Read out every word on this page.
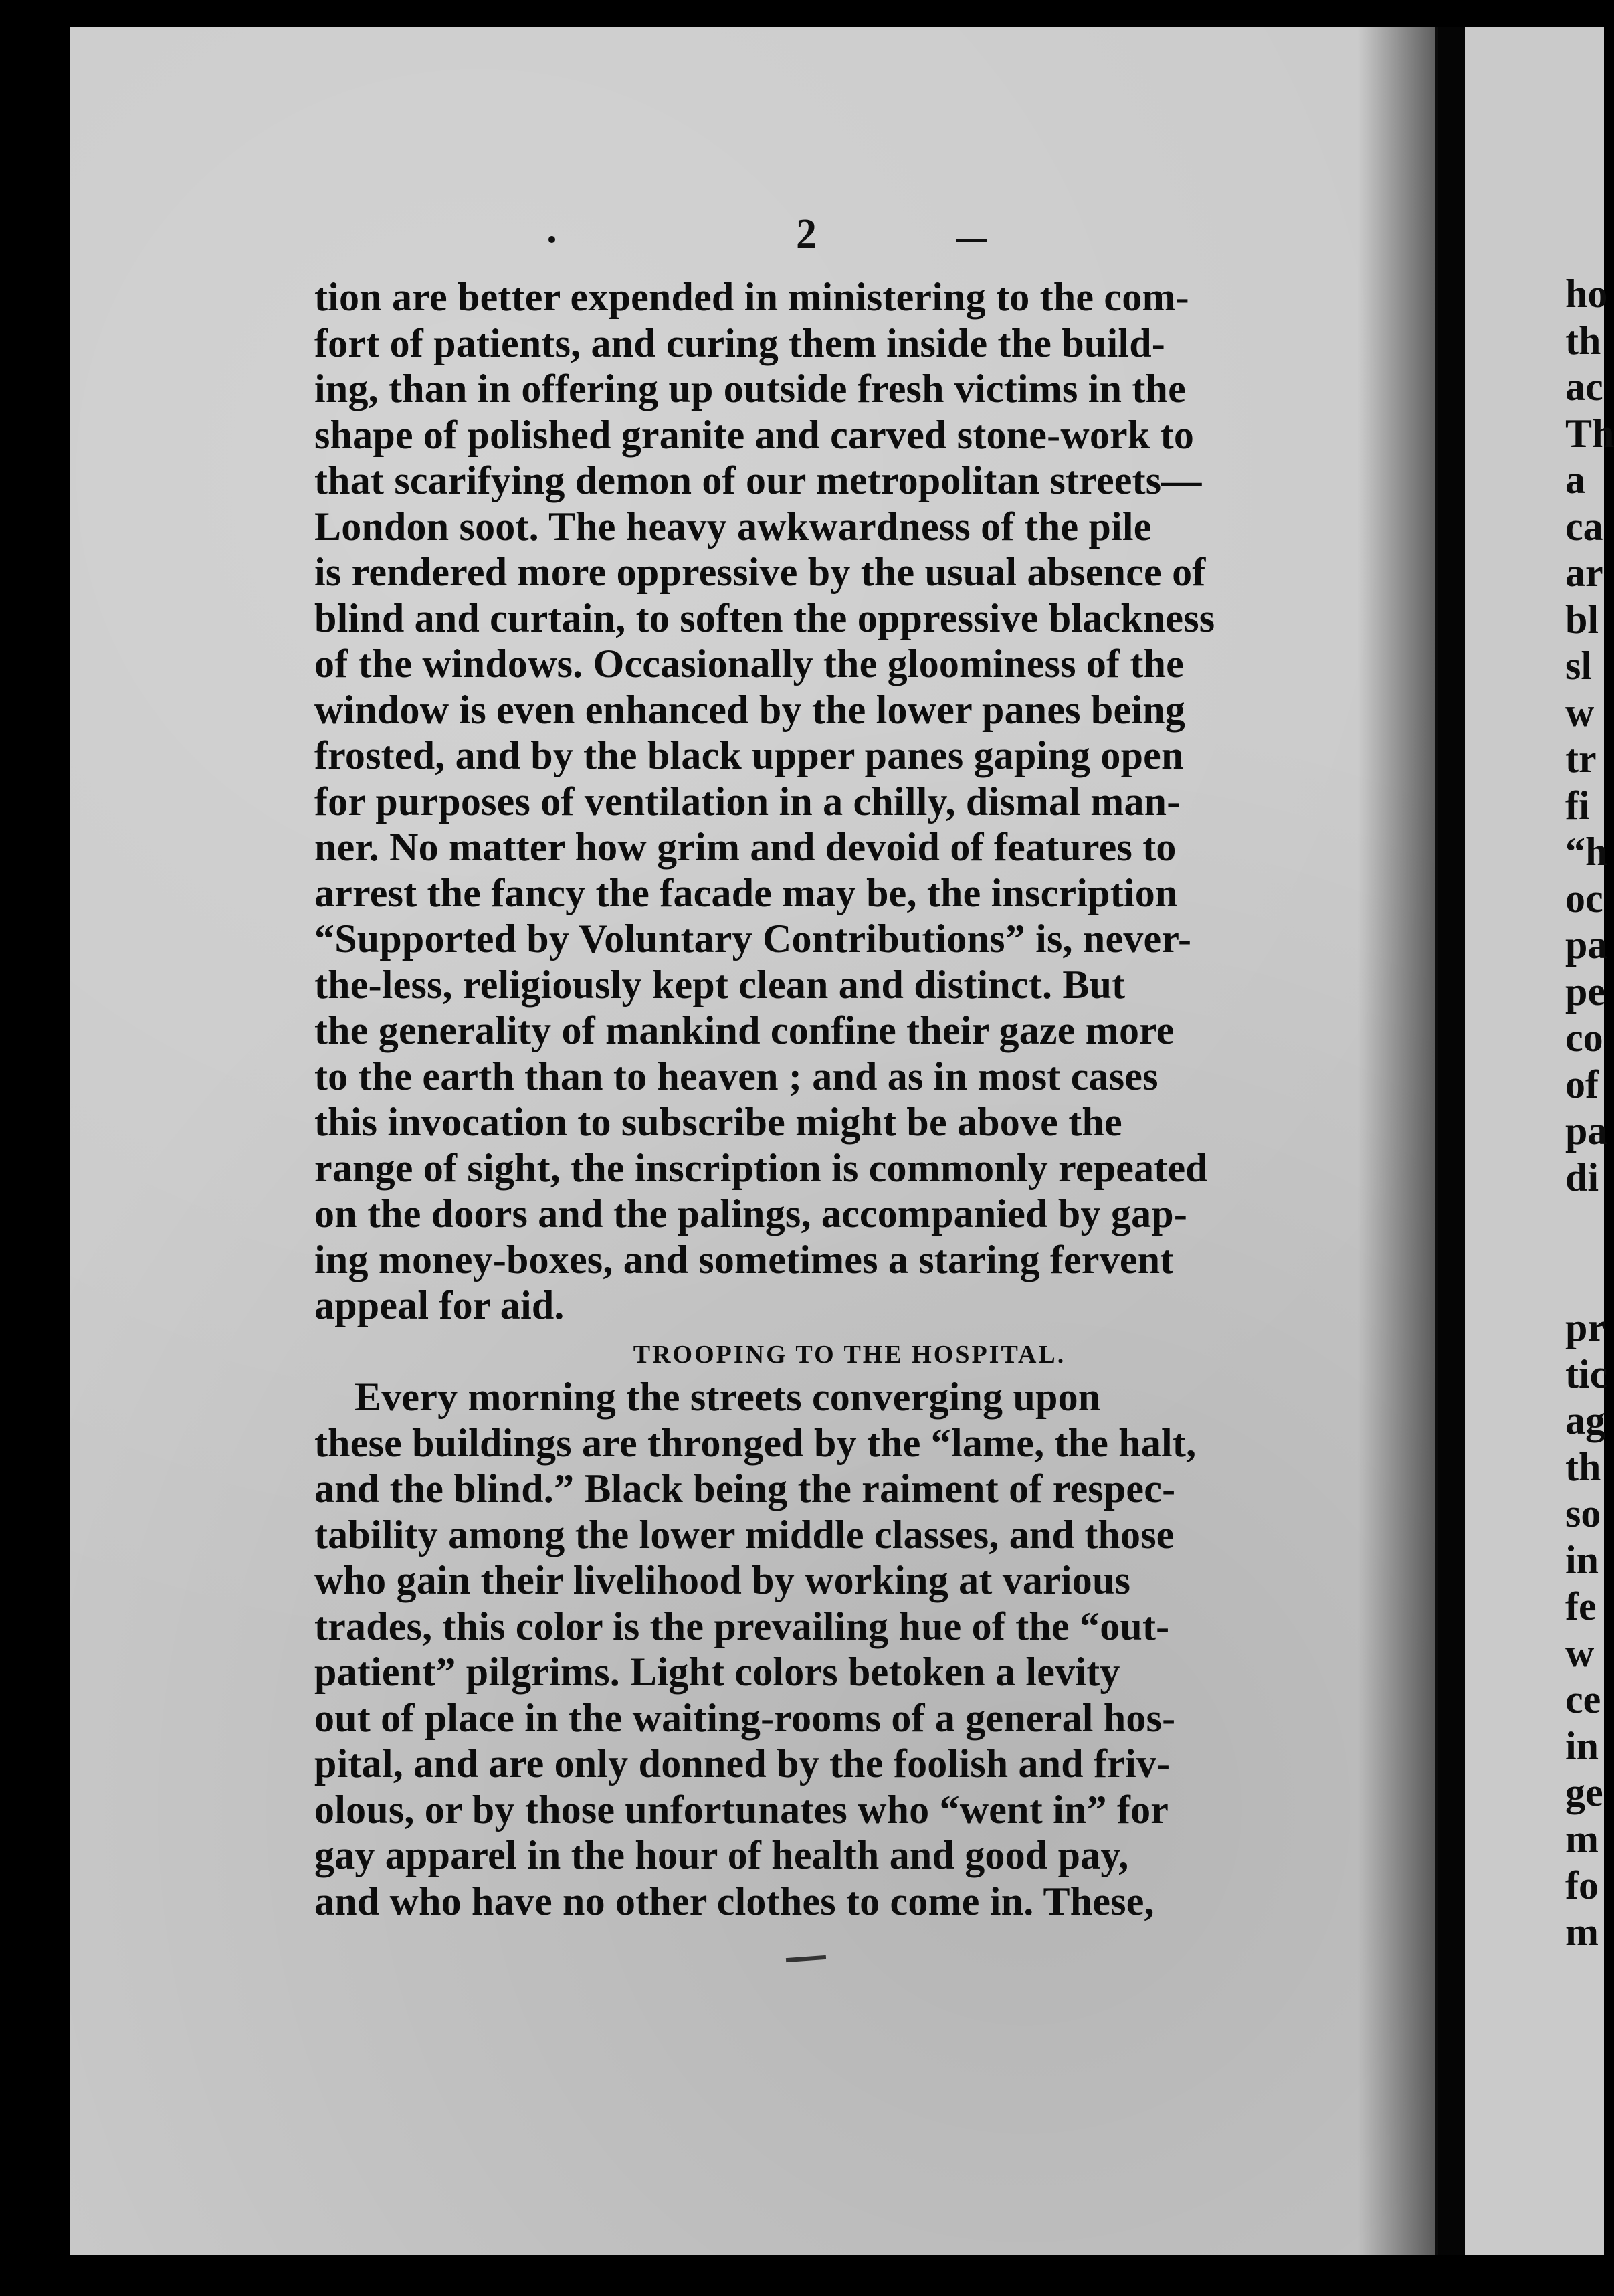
2
tion are better expended in ministering to the com-
fort of patients, and curing them inside the build-
ing, than in offering up outside fresh victims in the
shape of polished granite and carved stone-work to
that scarifying demon of our metropolitan streets—
London soot. The heavy awkwardness of the pile
is rendered more oppressive by the usual absence of
blind and curtain, to soften the oppressive blackness
of the windows. Occasionally the gloominess of the
window is even enhanced by the lower panes being
frosted, and by the black upper panes gaping open
for purposes of ventilation in a chilly, dismal man-
ner. No matter how grim and devoid of features to
arrest the fancy the facade may be, the inscription
“Supported by Voluntary Contributions” is, never-
the-less, religiously kept clean and distinct. But
the generality of mankind confine their gaze more
to the earth than to heaven ; and as in most cases
this invocation to subscribe might be above the
range of sight, the inscription is commonly repeated
on the doors and the palings, accompanied by gap-
ing money-boxes, and sometimes a staring fervent
appeal for aid.
TROOPING TO THE HOSPITAL.
Every morning the streets converging upon
these buildings are thronged by the “lame, the halt,
and the blind.” Black being the raiment of respec-
tability among the lower middle classes, and those
who gain their livelihood by working at various
trades, this color is the prevailing hue of the “out-
patient” pilgrims. Light colors betoken a levity
out of place in the waiting-rooms of a general hos-
pital, and are only donned by the foolish and friv-
olous, or by those unfortunates who “went in” for
gay apparel in the hour of health and good pay,
and who have no other clothes to come in. These,
ho
th
ac
Th
a
ca
ar
bl
sl
w
tr
fi
“h
oc
pa
pe
co
of
pa
di
pr
tic
ag
th
so
in
fe
w
ce
in
ge
m
fo
m
